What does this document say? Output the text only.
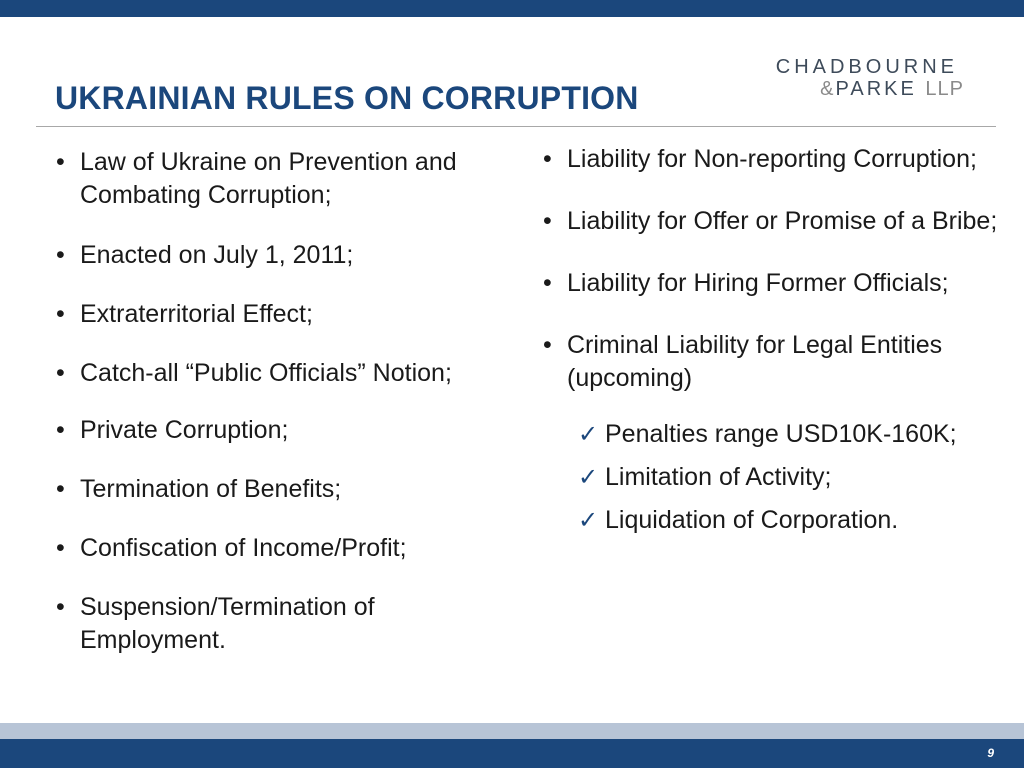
UKRAINIAN RULES ON CORRUPTION
CHADBOURNE
& PARKE LLP
• Law of Ukraine on Prevention and Combating Corruption;
• Enacted on July 1, 2011;
• Extraterritorial Effect;
• Catch-all “Public Officials” Notion;
• Private Corruption;
• Termination of Benefits;
• Confiscation of Income/Profit;
• Suspension/Termination of Employment.
• Liability for Non-reporting Corruption;
• Liability for Offer or Promise of a Bribe;
• Liability for Hiring Former Officials;
• Criminal Liability for Legal Entities (upcoming)
✓ Penalties range USD10K-160K;
✓ Limitation of Activity;
✓ Liquidation of Corporation.
9
